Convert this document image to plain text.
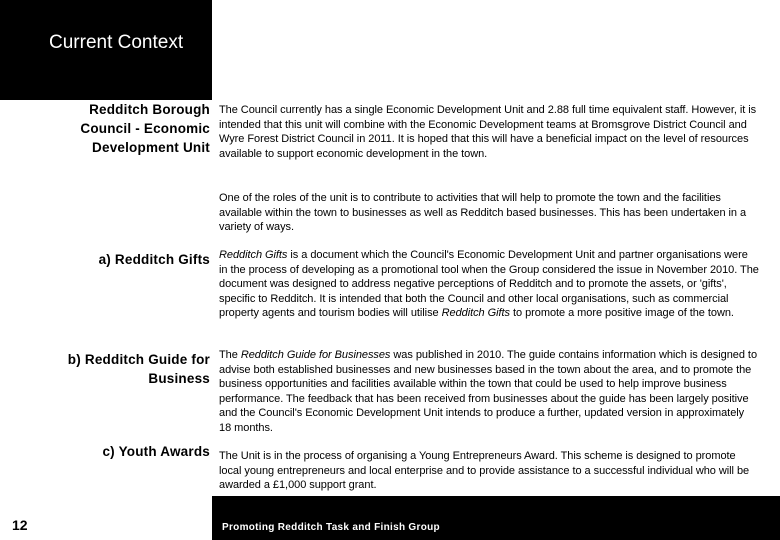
Current Context
Redditch Borough
Council - Economic
Development Unit
The Council currently has a single Economic Development Unit and 2.88 full time equivalent staff. However, it is intended that this unit will combine with the Economic Development teams at Bromsgrove District Council and Wyre Forest District Council in 2011. It is hoped that this will have a beneficial impact on the level of resources available to support economic development in the town.
One of the roles of the unit is to contribute to activities that will help to promote the town and the facilities available within the town to businesses as well as Redditch based businesses. This has been undertaken in a variety of ways.
a) Redditch Gifts Redditch Gifts is a document which the Council's Economic Development Unit and partner organisations were in the process of developing as a promotional tool when the Group considered the issue in November 2010. The document was designed to address negative perceptions of Redditch and to promote the assets, or 'gifts', specific to Redditch. It is intended that both the Council and other local organisations, such as commercial property agents and tourism bodies will utilise Redditch Gifts to promote a more positive image of the town.
b) Redditch Guide for
Business
The Redditch Guide for Businesses was published in 2010. The guide contains information which is designed to advise both established businesses and new businesses based in the town about the area, and to promote the business opportunities and facilities available within the town that could be used to help improve business performance. The feedback that has been received from businesses about the guide has been largely positive and the Council's Economic Development Unit intends to produce a further, updated version in approximately 18 months.
c) Youth Awards The Unit is in the process of organising a Young Entrepreneurs Award. This scheme is designed to promote local young entrepreneurs and local enterprise and to provide assistance to a successful individual who will be awarded a £1,000 support grant.
12	Promoting Redditch Task and Finish Group
